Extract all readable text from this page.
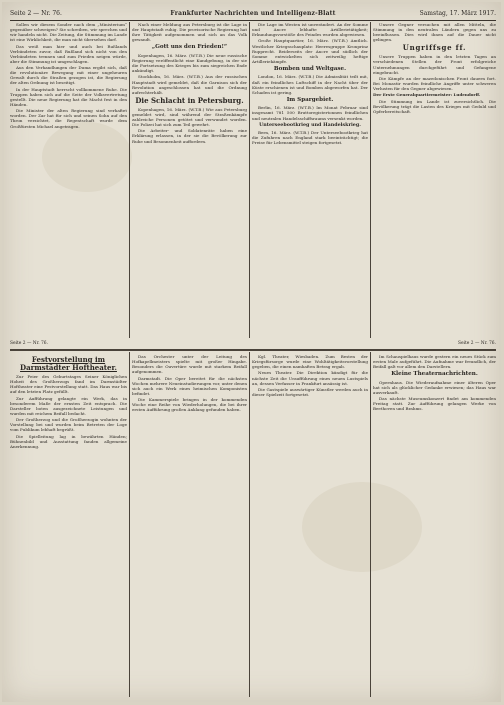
Seite 2 — Nr. 76.	Frankfurter Nachrichten und Intelligenz-Blatt	Samstag, 17. März 1917.

Sollen wir diesem Sonder nach dem „Ministerium“ gegenüber schweigen? Sie schreiben, wir sprechen und wir handeln nicht. Die Zeitung, die Stimmung im Lande ist eine Wirklichkeit, die man nicht übersehen darf.

Das weiß man hier und auch bei Rußlands Verbündeten zuvor, daß Rußland sich nicht von den Verbündeten trennen und zum Frieden neigen würde, aber die Stimmung ist umgeschlagen.

Aus den Verhandlungen der Duma ergibt sich, daß die revolutionäre Bewegung mit einer ungeheuren Gewalt durch die Straßen gezogen ist, die Regierung der alten Ordnung ist beseitigt.

In der Hauptstadt herrscht vollkommene Ruhe. Die Truppen haben sich auf die Seite der Volksvertretung gestellt. Die neue Regierung hat die Macht fest in den Händen.

Die Minister der alten Regierung sind verhaftet worden. Der Zar hat für sich und seinen Sohn auf den Thron verzichtet, die Regentschaft wurde dem Großfürsten Michael angetragen.

Nach einer Meldung aus Petersburg ist die Lage in der Hauptstadt ruhig. Die provisorische Regierung hat ihre Tätigkeit aufgenommen und sich an das Volk gewandt.

„Gott uns den Frieden!“

Kopenhagen, 16. März. (W.T.B.) Die neue russische Regierung veröffentlicht eine Kundgebung, in der sie die Fortsetzung des Krieges bis zum siegreichen Ende ankündigt.

Stockholm, 16. März. (W.T.B.) Aus der russischen Hauptstadt wird gemeldet, daß die Garnison sich der Revolution angeschlossen hat und die Ordnung aufrechterhält.

Die Schlacht in Petersburg.

Kopenhagen, 16. März. (W.T.B.) Wie aus Petersburg gemeldet wird, sind während der Straßenkämpfe zahlreiche Personen getötet und verwundet worden. Die Polizei hat sich zum Teil gewehrt.

Die Arbeiter- und Soldatenräte haben eine Erklärung erlassen, in der sie die Bevölkerung zur Ruhe und Besonnenheit auffordern.

Die Lage im Westen ist unverändert. An der Somme und Ancre lebhafte Artillerietätigkeit; Erkundungsvorstöße des Feindes wurden abgewiesen.

Große Hauptquartier, 16. März. (W.T.B.) Amtlich. Westlicher Kriegsschauplatz: Heeresgruppe Kronprinz Rupprecht. Beiderseits der Ancre und südlich der Somme entwickelten sich zeitweilig heftige Artilleriekämpfe.

Bomben und Weltgase.

London, 16. März. (W.T.B.) Die Admiralität teilt mit, daß ein feindliches Luftschiff in der Nacht über der Küste erschienen ist und Bomben abgeworfen hat. Der Schaden ist gering.

Im Spargebiet.

Berlin, 16. März. (W.T.B.) Im Monat Februar sind insgesamt 781 500 Bruttoregistertonnen feindlichen und neutralen Handelsschiffsraums versenkt worden.

Unterseebootkrieg und Handelskrieg.

Bern, 16. März. (W.T.B.) Der Unterseebootkrieg hat die Zufuhren nach England stark beeinträchtigt; die Preise für Lebensmittel steigen fortgesetzt.

Unsere Gegner versuchen mit allen Mitteln, die Stimmung in den neutralen Ländern gegen uns zu beeinflussen. Dies wird ihnen auf die Dauer nicht gelingen.

Ungriffsge ff.

Unsere Truppen haben in den letzten Tagen an verschiedenen Stellen der Front erfolgreiche Unternehmungen durchgeführt und Gefangene eingebracht.

Die Kämpfe an der mazedonischen Front dauern fort. Bei Monastir wurden feindliche Angriffe unter schweren Verlusten für den Gegner abgewiesen.

Der Erste Generalquartiermeister: Ludendorff.

Die Stimmung im Lande ist zuversichtlich. Die Bevölkerung trägt die Lasten des Krieges mit Geduld und Opferbereitschaft.

Seite 2 — Nr. 76.	Seite 2 — Nr. 76.
Festvorstellung im Darmstädter Hoftheater.

Zur Feier des Geburtstages Seiner Königlichen Hoheit des Großherzogs fand im Darmstädter Hoftheater eine Festvorstellung statt. Das Haus war bis auf den letzten Platz gefüllt.

Zur Aufführung gelangte ein Werk, das in besonderem Maße der ernsten Zeit entsprach. Die Darsteller boten ausgezeichnete Leistungen und wurden mit reichem Beifall bedacht.

Der Großherzog und die Großherzogin wohnten der Vorstellung bei und wurden beim Betreten der Loge vom Publikum lebhaft begrüßt.

Die Spielleitung lag in bewährten Händen; Bühnenbild und Ausstattung fanden allgemeine Anerkennung.

Das Orchester unter der Leitung des Hofkapellmeisters spielte mit großer Hingabe. Besonders die Ouvertüre wurde mit starkem Beifall aufgenommen.

Darmstadt. Die Oper bereitet für die nächsten Wochen mehrere Neueinstudierungen vor, unter denen sich auch ein Werk eines heimischen Komponisten befindet.

Die Kammerspiele bringen in der kommenden Woche eine Reihe von Wiederholungen, die bei ihrer ersten Aufführung großen Anklang gefunden haben.

Kgl. Theater, Wiesbaden. Zum Besten der Kriegsfürsorge wurde eine Wohltätigkeitsvorstellung gegeben, die einen namhaften Betrag ergab.

Neues Theater. Die Direktion kündigt für die nächste Zeit die Uraufführung eines neuen Lustspiels an, dessen Verfasser in Frankfurt ansässig ist.

Die Gastspiele auswärtiger Künstler werden auch in dieser Spielzeit fortgesetzt.

Im Schauspielhaus wurde gestern ein neues Stück zum ersten Male aufgeführt. Die Aufnahme war freundlich, der Beifall galt vor allem den Darstellern.

Kleine Theaternachrichten.

Opernhaus. Die Wiederaufnahme einer älteren Oper hat sich als glücklicher Gedanke erwiesen; das Haus war ausverkauft.

Das nächste Museumskonzert findet am kommenden Freitag statt. Zur Aufführung gelangen Werke von Beethoven und Brahms.
